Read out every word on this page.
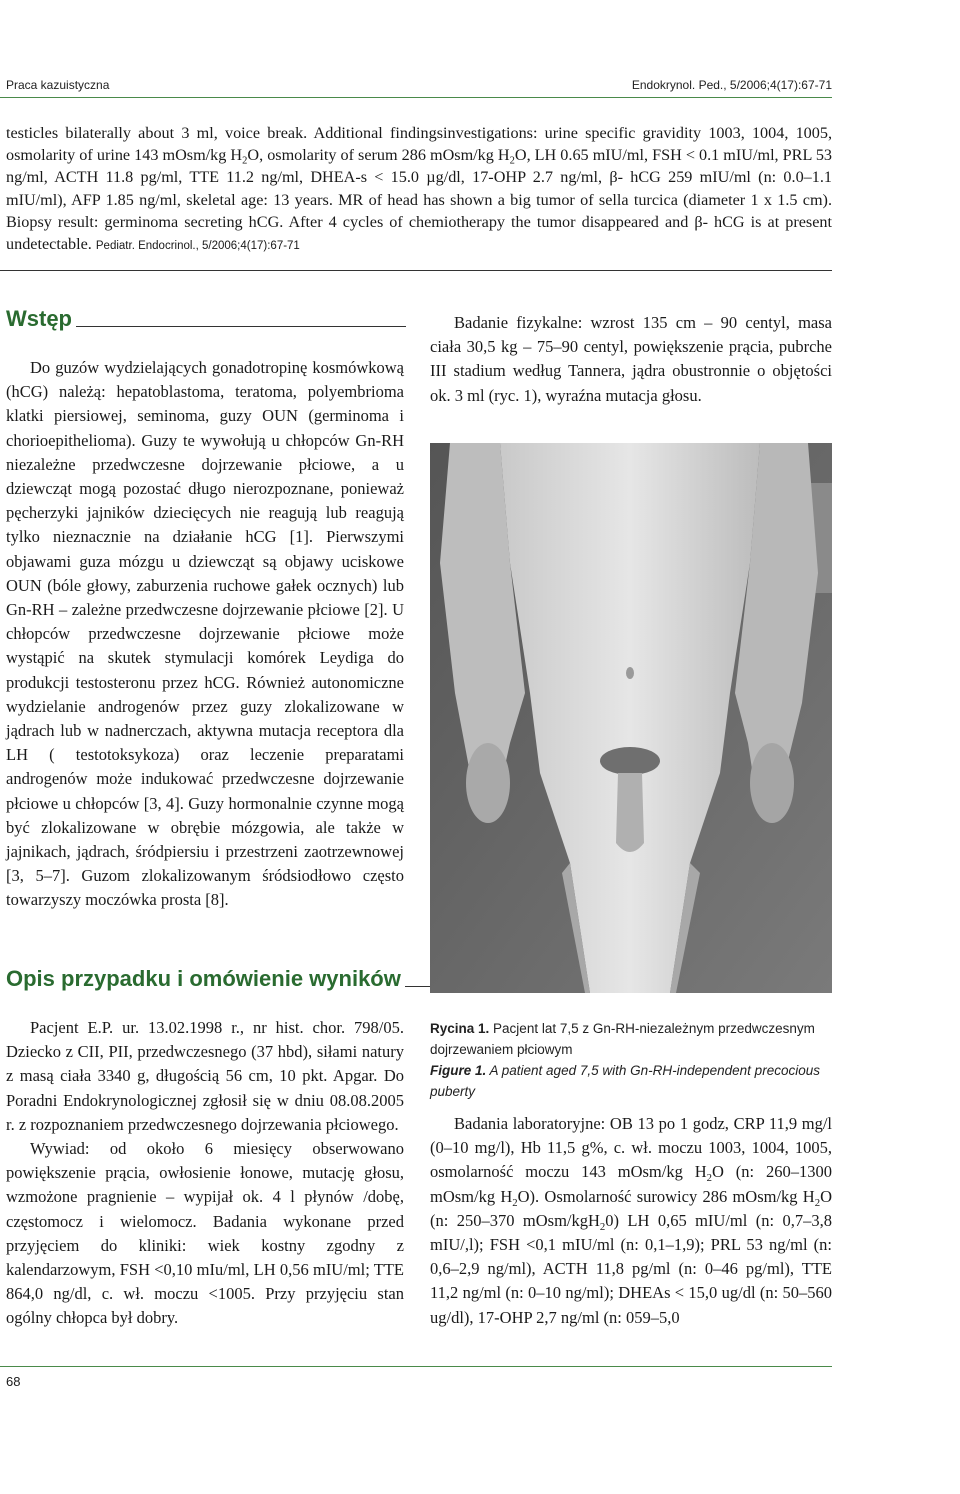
Praca kazuistyczna	Endokrynol. Ped., 5/2006;4(17):67-71
testicles bilaterally about 3 ml, voice break. Additional findingsinvestigations: urine specific gravidity 1003, 1004, 1005, osmolarity of urine 143 mOsm/kg $H_2O$, osmolarity of serum 286 mOsm/kg $H_2O$, LH 0.65 mIU/ml, FSH < 0.1 mIU/ml, PRL 53 ng/ml, ACTH 11.8 pg/ml, TTE 11.2 ng/ml, DHEA-s < 15.0 µg/dl, 17-OHP 2.7 ng/ml, β- hCG 259 mIU/ml (n: 0.0–1.1 mIU/ml), AFP 1.85 ng/ml, skeletal age: 13 years. MR of head has shown a big tumor of sella turcica (diameter 1 x 1.5 cm). Biopsy result: germinoma secreting hCG. After 4 cycles of chemiotherapy the tumor disappeared and β- hCG is at present undetectable. Pediatr. Endocrinol., 5/2006;4(17):67-71
Wstęp

Do guzów wydzielających gonadotropinę kosmówkową (hCG) należą: hepatoblastoma, teratoma, polyembrioma klatki piersiowej, seminoma, guzy OUN (germinoma i chorioepithelioma). Guzy te wywołują u chłopców Gn-RH niezależne przedwczesne dojrzewanie płciowe, a u dziewcząt mogą pozostać długo nierozpoznane, ponieważ pęcherzyki jajników dziecięcych nie reagują lub reagują tylko nieznacznie na działanie hCG [1]. Pierwszymi objawami guza mózgu u dziewcząt są objawy uciskowe OUN (bóle głowy, zaburzenia ruchowe gałek ocznych) lub Gn-RH – zależne przedwczesne dojrzewanie płciowe [2]. U chłopców przedwczesne dojrzewanie płciowe może wystąpić na skutek stymulacji komórek Leydiga do produkcji testosteronu przez hCG. Również autonomiczne wydzielanie androgenów przez guzy zlokalizowane w jądrach lub w nadnerczach, aktywna mutacja receptora dla LH ( testotoksykoza) oraz leczenie preparatami androgenów może indukować przedwczesne dojrzewanie płciowe u chłopców [3, 4]. Guzy hormonalnie czynne mogą być zlokalizowane w obrębie mózgowia, ale także w jajnikach, jądrach, śródpiersiu i przestrzeni zaotrzewnowej [3, 5–7]. Guzom zlokalizowanym śródsiodłowo często towarzyszy moczówka prosta [8].

Opis przypadku i omówienie wyników

Pacjent E.P. ur. 13.02.1998 r., nr hist. chor. 798/05. Dziecko z CII, PII, przedwczesnego (37 hbd), siłami natury z masą ciała 3340 g, długością 56 cm, 10 pkt. Apgar. Do Poradni Endokrynologicznej zgłosił się w dniu 08.08.2005 r. z rozpoznaniem przedwczesnego dojrzewania płciowego.

Wywiad: od około 6 miesięcy obserwowano powiększenie prącia, owłosienie łonowe, mutację głosu, wzmożone pragnienie – wypijał ok. 4 l płynów /dobę, częstomocz i wielomocz. Badania wykonane przed przyjęciem do kliniki: wiek kostny zgodny z kalendarzowym, FSH <0,10 mIu/ml, LH 0,56 mIU/ml; TTE 864,0 ng/dl, c. wł. moczu <1005. Przy przyjęciu stan ogólny chłopca był dobry.

Badanie fizykalne: wzrost 135 cm – 90 centyl, masa ciała 30,5 kg – 75–90 centyl, powiększenie prącia, pubrche III stadium według Tannera, jądra obustronnie o objętości ok. 3 ml (ryc. 1), wyraźna mutacja głosu.

Rycina 1. Pacjent lat 7,5 z Gn-RH-niezależnym przedwczesnym dojrzewaniem płciowym
Figure 1. A patient aged 7,5 with Gn-RH-independent precocious puberty

Badania laboratoryjne: OB 13 po 1 godz, CRP 11,9 mg/l (0–10 mg/l), Hb 11,5 g%, c. wł. moczu 1003, 1004, 1005, osmolarność moczu 143 mOsm/kg $H_2O$ (n: 260–1300 mOsm/kg $H_2O$). Osmolarność surowicy 286 mOsm/kg $H_2O$ (n: 250–370 mOsm/kgH$_2$0) LH 0,65 mIU/ml (n: 0,7–3,8 mIU/,l); FSH <0,1 mIU/ml (n: 0,1–1,9); PRL 53 ng/ml (n: 0,6–2,9 ng/ml), ACTH 11,8 pg/ml (n: 0–46 pg/ml), TTE 11,2 ng/ml (n: 0–10 ng/ml); DHEAs < 15,0 ug/dl (n: 50–560 ug/dl), 17-OHP 2,7 ng/ml (n: 059–5,0

68
